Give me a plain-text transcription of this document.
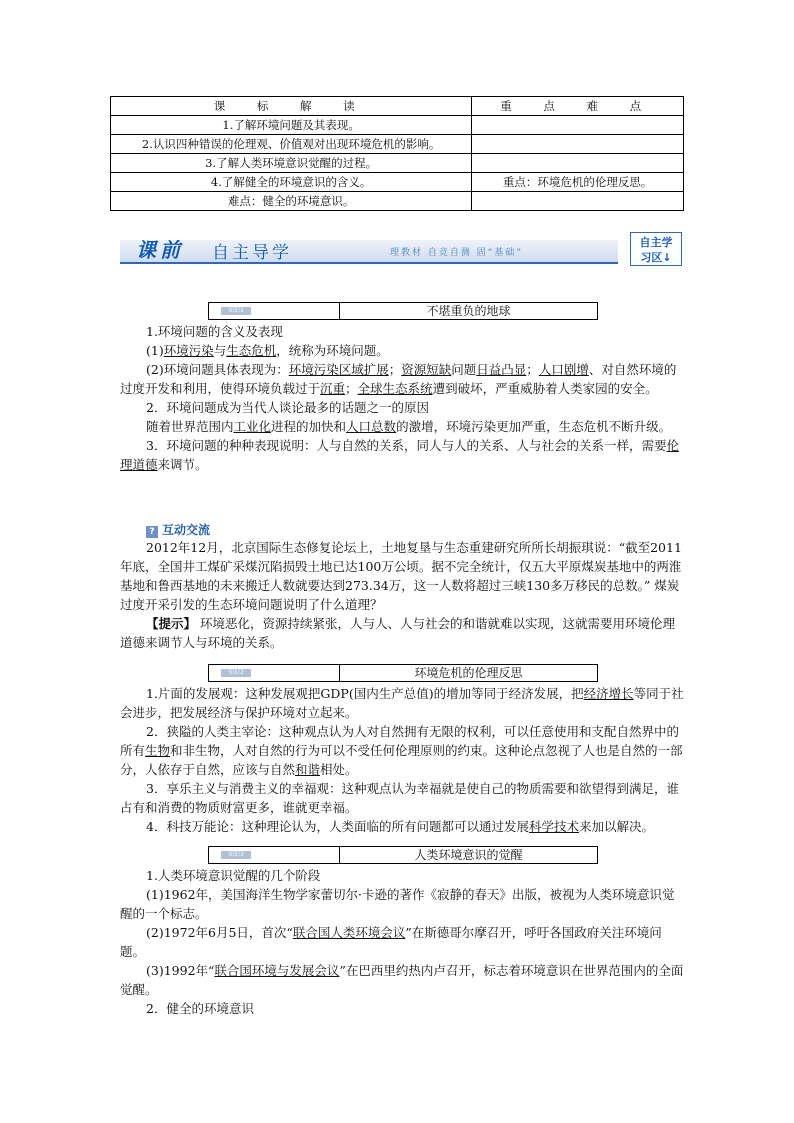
课 标 解 读	重 点 难 点
1.了解环境问题及其表现。	
2.认识四种错误的伦理观、价值观对出现环境危机的影响。	
3.了解人类环境意识觉醒的过程。	
4.了解健全的环境意识的含义。	重点：环境危机的伦理反思。
难点：健全的环境意识。	
课前 自主导学	理教材 自竞自测 固“基础”
自主学
习区↓
知识1	不堪重负的地球

1.环境问题的含义及表现

(1)环境污染与生态危机，统称为环境问题。

(2)环境问题具体表现为：环境污染区域扩展；资源短缺问题日益凸显；人口剧增、对自然环境的过度开发和利用，使得环境负载过于沉重；全球生态系统遭到破坏，严重威胁着人类家园的安全。

2．环境问题成为当代人谈论最多的话题之一的原因

随着世界范围内工业化进程的加快和人口总数的激增，环境污染更加严重，生态危机不断升级。

3．环境问题的种种表现说明：人与自然的关系，同人与人的关系、人与社会的关系一样，需要伦理道德来调节。

? 互动交流

2012年12月，北京国际生态修复论坛上，土地复垦与生态重建研究所所长胡振琪说：“截至2011年底，全国井工煤矿采煤沉陷损毁土地已达100万公顷。据不完全统计，仅五大平原煤炭基地中的两淮基地和鲁西基地的未来搬迁人数就要达到273.34万，这一人数将超过三峡130多万移民的总数。” 煤炭过度开采引发的生态环境问题说明了什么道理？

【提示】 环境恶化，资源持续紧张，人与人、人与社会的和谐就难以实现，这就需要用环境伦理道德来调节人与环境的关系。

知识2	环境危机的伦理反思

1.片面的发展观：这种发展观把GDP(国内生产总值)的增加等同于经济发展，把经济增长等同于社会进步，把发展经济与保护环境对立起来。

2．狭隘的人类主宰论：这种观点认为人对自然拥有无限的权利，可以任意使用和支配自然界中的所有生物和非生物，人对自然的行为可以不受任何伦理原则的约束。这种论点忽视了人也是自然的一部分，人依存于自然，应该与自然和谐相处。

3．享乐主义与消费主义的幸福观：这种观点认为幸福就是使自己的物质需要和欲望得到满足，谁占有和消费的物质财富更多，谁就更幸福。

4．科技万能论：这种理论认为，人类面临的所有问题都可以通过发展科学技术来加以解决。

知识3	人类环境意识的觉醒

1.人类环境意识觉醒的几个阶段

(1)1962年，美国海洋生物学家蕾切尔·卡逊的著作《寂静的春天》出版，被视为人类环境意识觉醒的一个标志。

(2)1972年6月5日，首次“联合国人类环境会议”在斯德哥尔摩召开，呼吁各国政府关注环境问题。

(3)1992年“联合国环境与发展会议”在巴西里约热内卢召开，标志着环境意识在世界范围内的全面觉醒。

2．健全的环境意识
